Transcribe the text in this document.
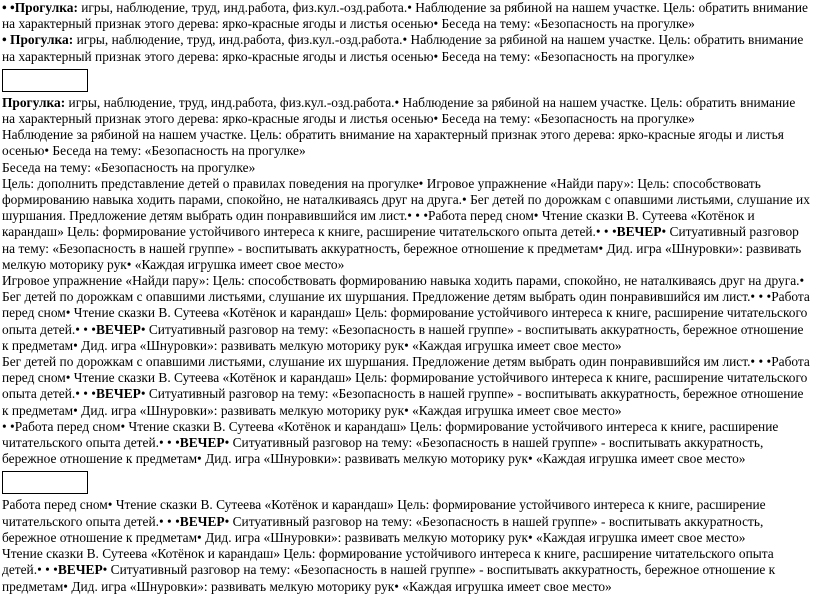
• •Прогулка: игры, наблюдение, труд, инд.работа, физ.кул.-озд.работа.• Наблюдение за рябиной на нашем участке. Цель: обратить внимание на характерный признак этого дерева: ярко-красные ягоды и листья осенью• Беседа на тему: «Безопасность на прогулке»

• Прогулка: игры, наблюдение, труд, инд.работа, физ.кул.-озд.работа.• Наблюдение за рябиной на нашем участке. Цель: обратить внимание на характерный признак этого дерева: ярко-красные ягоды и листья осенью• Беседа на тему: «Безопасность на прогулке»

Прогулка: игры, наблюдение, труд, инд.работа, физ.кул.-озд.работа.• Наблюдение за рябиной на нашем участке. Цель: обратить внимание на характерный признак этого дерева: ярко-красные ягоды и листья осенью• Беседа на тему: «Безопасность на прогулке»

Наблюдение за рябиной на нашем участке. Цель: обратить внимание на характерный признак этого дерева: ярко-красные ягоды и листья осенью• Беседа на тему: «Безопасность на прогулке»

Беседа на тему: «Безопасность на прогулке»

Цель: дополнить представление детей о правилах поведения на прогулке• Игровое упражнение «Найди пару»: Цель: способствовать формированию навыка ходить парами, спокойно, не наталкиваясь друг на друга.• Бег детей по дорожкам с опавшими листьями, слушание их шуршания. Предложение детям выбрать один понравившийся им лист.• • •Работа перед сном• Чтение сказки В. Сутеева «Котёнок и карандаш» Цель: формирование устойчивого интереса к книге, расширение читательского опыта детей.• • •ВЕЧЕР• Ситуативный разговор на тему: «Безопасность в нашей группе» - воспитывать аккуратность, бережное отношение к предметам• Дид. игра «Шнуровки»: развивать мелкую моторику рук• «Каждая игрушка имеет свое место»

Игровое упражнение «Найди пару»: Цель: способствовать формированию навыка ходить парами, спокойно, не наталкиваясь друг на друга.• Бег детей по дорожкам с опавшими листьями, слушание их шуршания. Предложение детям выбрать один понравившийся им лист.• • •Работа перед сном• Чтение сказки В. Сутеева «Котёнок и карандаш» Цель: формирование устойчивого интереса к книге, расширение читательского опыта детей.• • •ВЕЧЕР• Ситуативный разговор на тему: «Безопасность в нашей группе» - воспитывать аккуратность, бережное отношение к предметам• Дид. игра «Шнуровки»: развивать мелкую моторику рук• «Каждая игрушка имеет свое место»

Бег детей по дорожкам с опавшими листьями, слушание их шуршания. Предложение детям выбрать один понравившийся им лист.• • •Работа перед сном• Чтение сказки В. Сутеева «Котёнок и карандаш» Цель: формирование устойчивого интереса к книге, расширение читательского опыта детей.• • •ВЕЧЕР• Ситуативный разговор на тему: «Безопасность в нашей группе» - воспитывать аккуратность, бережное отношение к предметам• Дид. игра «Шнуровки»: развивать мелкую моторику рук• «Каждая игрушка имеет свое место»

• •Работа перед сном• Чтение сказки В. Сутеева «Котёнок и карандаш» Цель: формирование устойчивого интереса к книге, расширение читательского опыта детей.• • •ВЕЧЕР• Ситуативный разговор на тему: «Безопасность в нашей группе» - воспитывать аккуратность, бережное отношение к предметам• Дид. игра «Шнуровки»: развивать мелкую моторику рук• «Каждая игрушка имеет свое место»

Работа перед сном• Чтение сказки В. Сутеева «Котёнок и карандаш» Цель: формирование устойчивого интереса к книге, расширение читательского опыта детей.• • •ВЕЧЕР• Ситуативный разговор на тему: «Безопасность в нашей группе» - воспитывать аккуратность, бережное отношение к предметам• Дид. игра «Шнуровки»: развивать мелкую моторику рук• «Каждая игрушка имеет свое место»

Чтение сказки В. Сутеева «Котёнок и карандаш» Цель: формирование устойчивого интереса к книге, расширение читательского опыта детей.• • •ВЕЧЕР• Ситуативный разговор на тему: «Безопасность в нашей группе» - воспитывать аккуратность, бережное отношение к предметам• Дид. игра «Шнуровки»: развивать мелкую моторику рук• «Каждая игрушка имеет свое место»
